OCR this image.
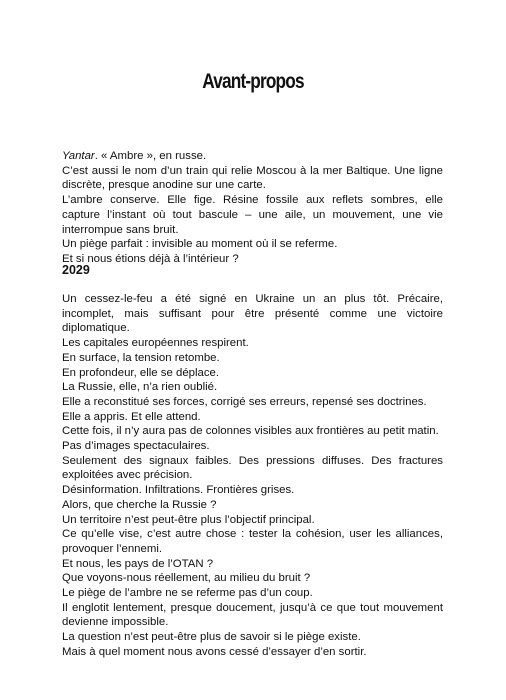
Avant-propos

Yantar. « Ambre », en russe.

C’est aussi le nom d’un train qui relie Moscou à la mer Baltique. Une ligne discrète, presque anodine sur une carte.

L’ambre conserve. Elle fige. Résine fossile aux reflets sombres, elle capture l’instant où tout bascule – une aile, un mouvement, une vie interrompue sans bruit.

Un piège parfait : invisible au moment où il se referme.

Et si nous étions déjà à l’intérieur ?

2029

Un cessez-le-feu a été signé en Ukraine un an plus tôt. Précaire, incomplet, mais suffisant pour être présenté comme une victoire diplomatique.

Les capitales européennes respirent.

En surface, la tension retombe.

En profondeur, elle se déplace.

La Russie, elle, n’a rien oublié.

Elle a reconstitué ses forces, corrigé ses erreurs, repensé ses doctrines.

Elle a appris. Et elle attend.

Cette fois, il n’y aura pas de colonnes visibles aux frontières au petit matin.

Pas d’images spectaculaires.

Seulement des signaux faibles. Des pressions diffuses. Des fractures exploitées avec précision.

Désinformation. Infiltrations. Frontières grises.

Alors, que cherche la Russie ?

Un territoire n’est peut-être plus l’objectif principal.

Ce qu’elle vise, c’est autre chose : tester la cohésion, user les alliances, provoquer l’ennemi.

Et nous, les pays de l’OTAN ?

Que voyons-nous réellement, au milieu du bruit ?

Le piège de l’ambre ne se referme pas d’un coup.

Il englotit lentement, presque doucement, jusqu’à ce que tout mouvement devienne impossible.

La question n’est peut-être plus de savoir si le piège existe.

Mais à quel moment nous avons cessé d’essayer d’en sortir.
